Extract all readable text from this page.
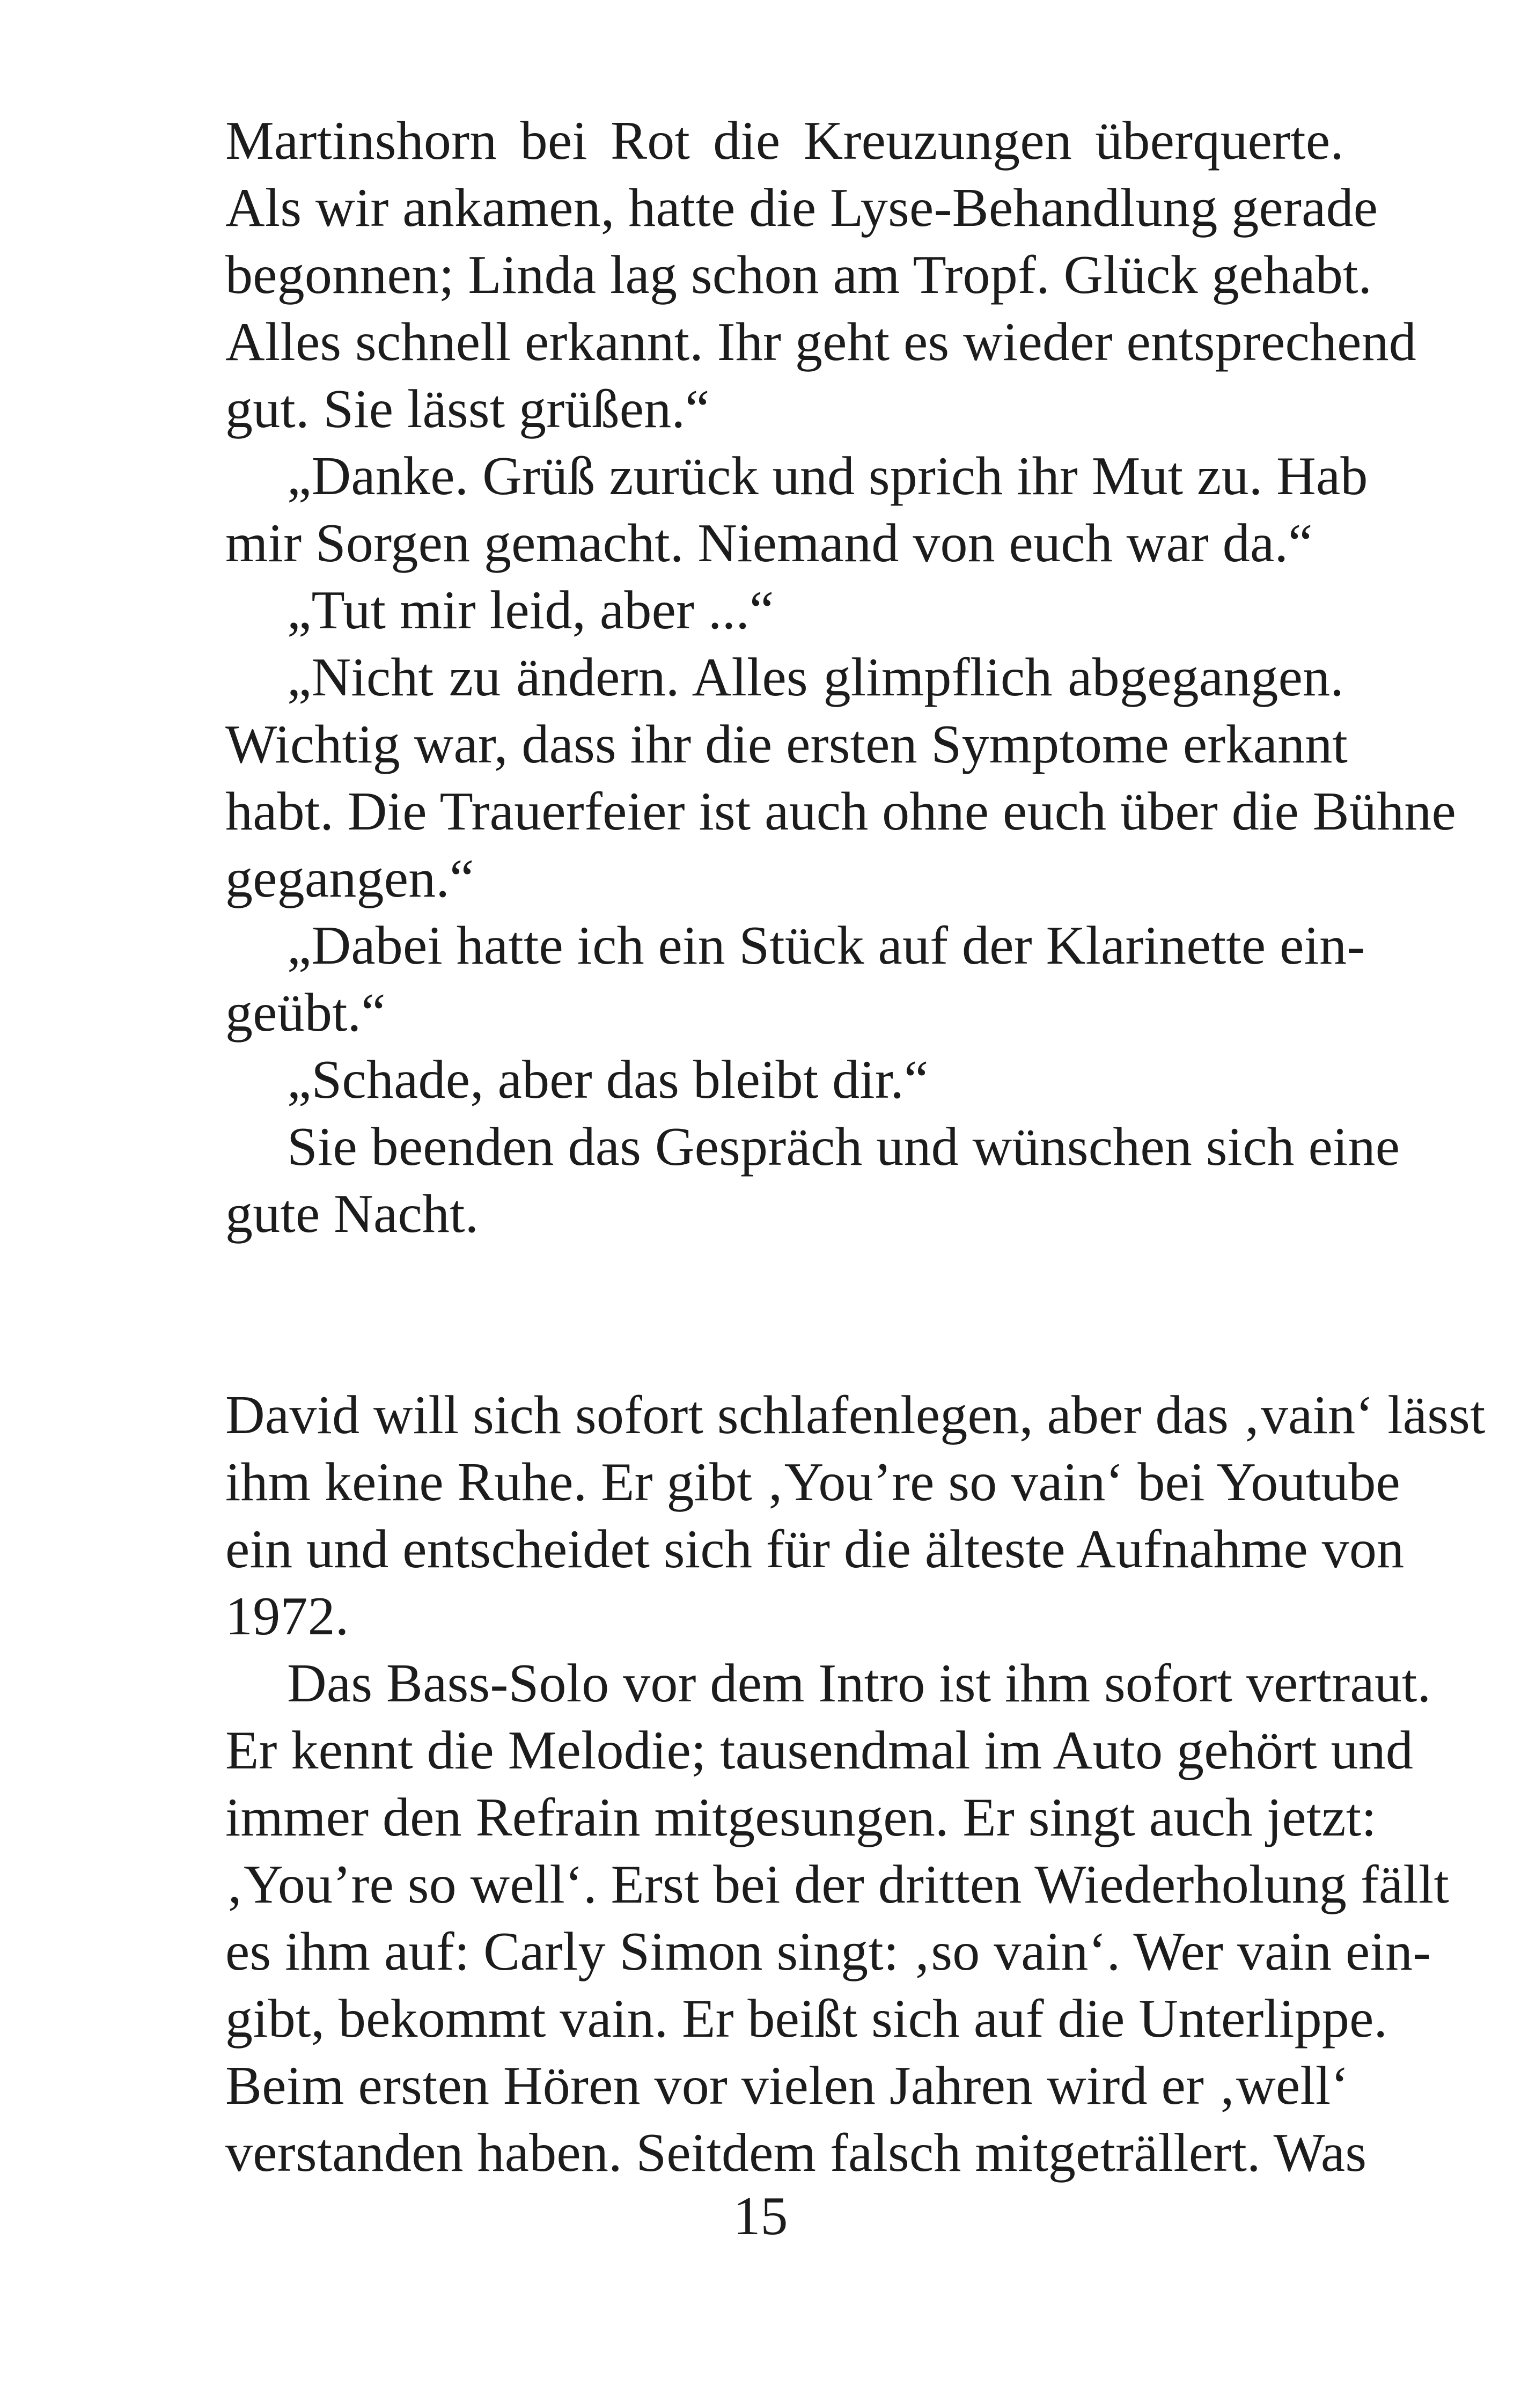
Martinshorn bei Rot die Kreuzungen überquerte.
Als wir ankamen, hatte die Lyse-Behandlung gerade
begonnen; Linda lag schon am Tropf. Glück gehabt.
Alles schnell erkannt. Ihr geht es wieder entsprechend
gut. Sie lässt grüßen.“
„Danke. Grüß zurück und sprich ihr Mut zu. Hab
mir Sorgen gemacht. Niemand von euch war da.“
„Tut mir leid, aber ...“
„Nicht zu ändern. Alles glimpflich abgegangen.
Wichtig war, dass ihr die ersten Symptome erkannt
habt. Die Trauerfeier ist auch ohne euch über die Bühne
gegangen.“
„Dabei hatte ich ein Stück auf der Klarinette ein-
geübt.“
„Schade, aber das bleibt dir.“
Sie beenden das Gespräch und wünschen sich eine
gute Nacht.
David will sich sofort schlafenlegen, aber das ‚vain‘ lässt
ihm keine Ruhe. Er gibt ‚You’re so vain‘ bei Youtube
ein und entscheidet sich für die älteste Aufnahme von
1972.
Das Bass-Solo vor dem Intro ist ihm sofort vertraut.
Er kennt die Melodie; tausendmal im Auto gehört und
immer den Refrain mitgesungen. Er singt auch jetzt:
‚You’re so well‘. Erst bei der dritten Wiederholung fällt
es ihm auf: Carly Simon singt: ‚so vain‘. Wer vain ein-
gibt, bekommt vain. Er beißt sich auf die Unterlippe.
Beim ersten Hören vor vielen Jahren wird er ‚well‘
verstanden haben. Seitdem falsch mitgeträllert. Was
15
